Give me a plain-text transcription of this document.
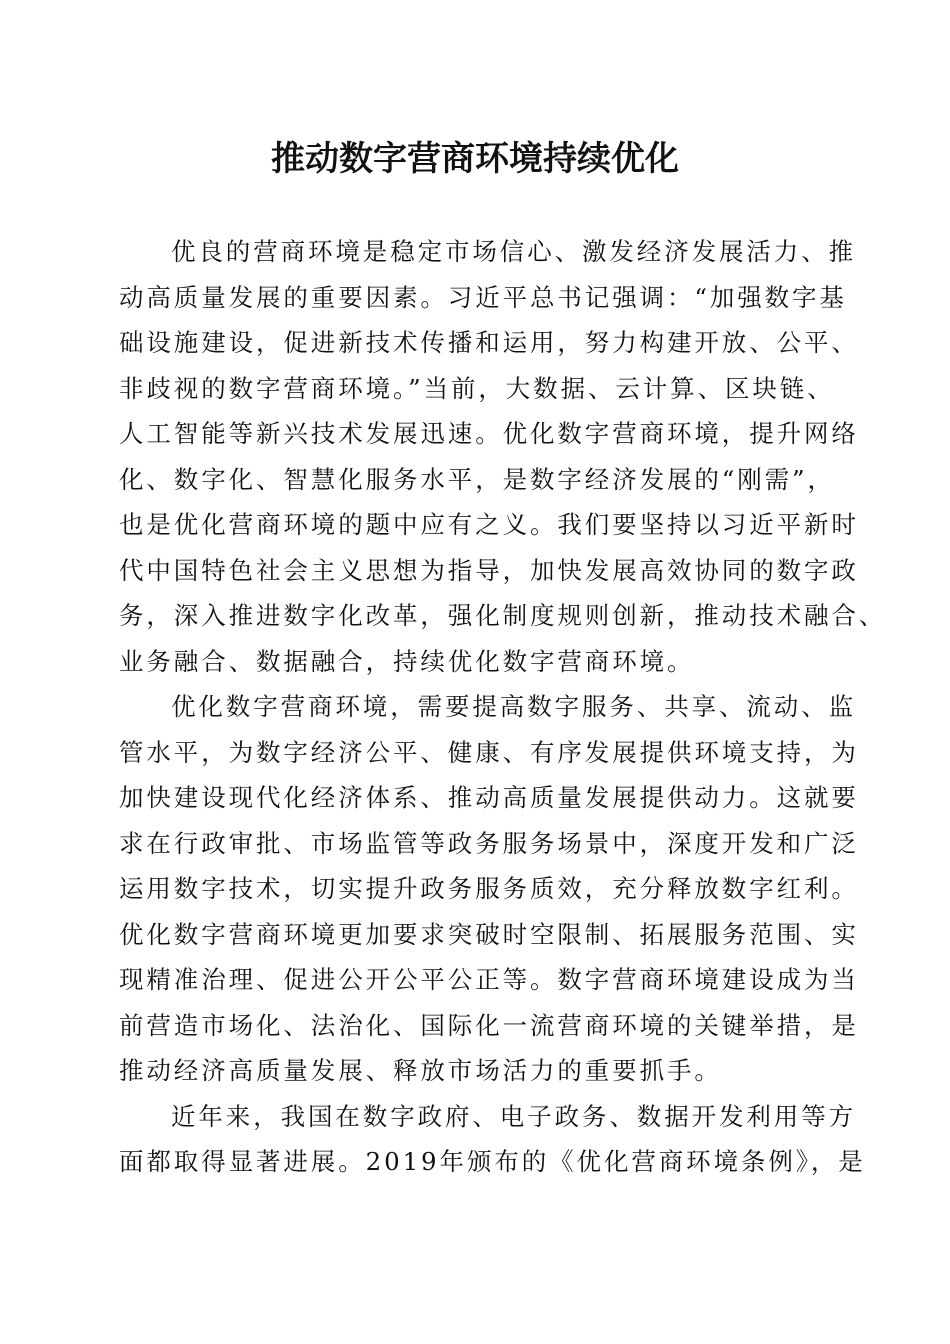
推动数字营商环境持续优化
优良的营商环境是稳定市场信心、激发经济发展活力、推
动高质量发展的重要因素。习近平总书记强调：“加强数字基
础设施建设，促进新技术传播和运用，努力构建开放、公平、
非歧视的数字营商环境。”当前，大数据、云计算、区块链、
人工智能等新兴技术发展迅速。优化数字营商环境，提升网络
化、数字化、智慧化服务水平，是数字经济发展的“刚需”，
也是优化营商环境的题中应有之义。我们要坚持以习近平新时
代中国特色社会主义思想为指导，加快发展高效协同的数字政
务，深入推进数字化改革，强化制度规则创新，推动技术融合、
业务融合、数据融合，持续优化数字营商环境。
优化数字营商环境，需要提高数字服务、共享、流动、监
管水平，为数字经济公平、健康、有序发展提供环境支持，为
加快建设现代化经济体系、推动高质量发展提供动力。这就要
求在行政审批、市场监管等政务服务场景中，深度开发和广泛
运用数字技术，切实提升政务服务质效，充分释放数字红利。
优化数字营商环境更加要求突破时空限制、拓展服务范围、实
现精准治理、促进公开公平公正等。数字营商环境建设成为当
前营造市场化、法治化、国际化一流营商环境的关键举措，是
推动经济高质量发展、释放市场活力的重要抓手。
近年来，我国在数字政府、电子政务、数据开发利用等方
面都取得显著进展。2019年颁布的《优化营商环境条例》，是
